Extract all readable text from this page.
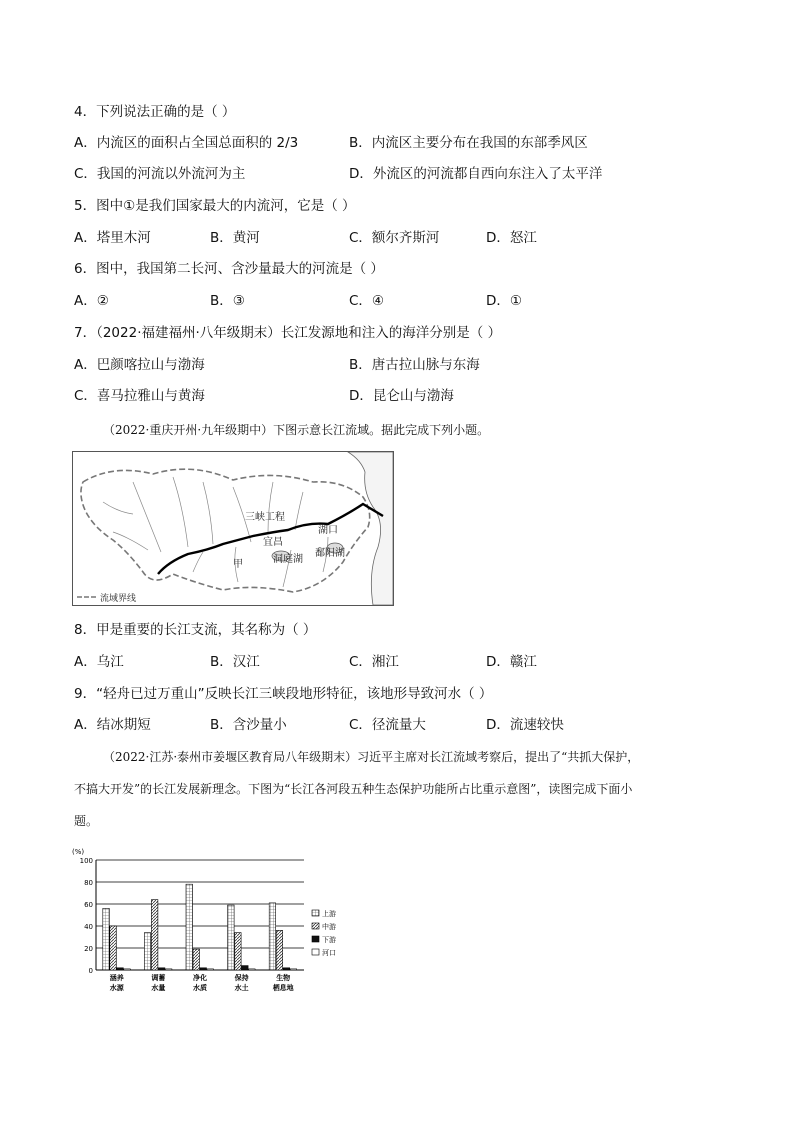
4．下列说法正确的是（ ）
A．内流区的面积占全国总面积的 2/3	B．内流区主要分布在我国的东部季风区
C．我国的河流以外流河为主	D．外流区的河流都自西向东注入了太平洋
5．图中①是我们国家最大的内流河，它是（ ）
A．塔里木河	B．黄河	C．额尔齐斯河	D．怒江
6．图中，我国第二长河、含沙量最大的河流是（ ）
A．②	B．③	C．④	D．①
7．（2022·福建福州·八年级期末）长江发源地和注入的海洋分别是（ ）
A．巴颜喀拉山与渤海	B．唐古拉山脉与东海
C．喜马拉雅山与黄海	D．昆仑山与渤海
（2022·重庆开州·九年级期中）下图示意长江流域。据此完成下列小题。
三峡工程
湖口
宜昌
甲	洞庭湖
鄱阳湖
流域界线
8．甲是重要的长江支流，其名称为（ ）
A．乌江	B．汉江	C．湘江	D．赣江
9．“轻舟已过万重山”反映长江三峡段地形特征，该地形导致河水（ ）
A．结冰期短	B．含沙量小	C．径流量大	D．流速较快
（2022·江苏·泰州市姜堰区教育局八年级期末）习近平主席对长江流域考察后，提出了“共抓大保护，
不搞大开发”的长江发展新理念。下图为“长江各河段五种生态保护功能所占比重示意图”，读图完成下面小
题。
(%)
0
20
40
60
80
100
涵养
水源
调蓄
水量
净化
水质
保持
水土
生物
栖息地
上游
中游
下游
河口
